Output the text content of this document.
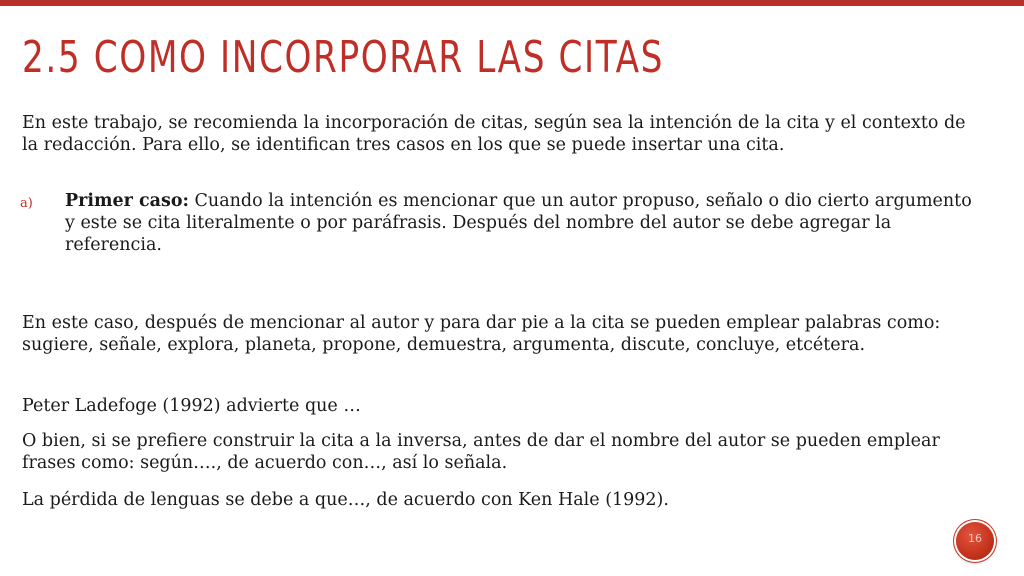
2.5 COMO INCORPORAR LAS CITAS

En este trabajo, se recomienda la incorporación de citas, según sea la intención de la cita y el contexto de la redacción. Para ello, se identifican tres casos en los que se puede insertar una cita.

a) Primer caso: Cuando la intención es mencionar que un autor propuso, señalo o dio cierto argumento y este se cita literalmente o por paráfrasis. Después del nombre del autor se debe agregar la referencia.

En este caso, después de mencionar al autor y para dar pie a la cita se pueden emplear palabras como: sugiere, señale, explora, planeta, propone, demuestra, argumenta, discute, concluye, etcétera.

Peter Ladefoge (1992) advierte que …

O bien, si se prefiere construir la cita a la inversa, antes de dar el nombre del autor se pueden emplear frases como: según…., de acuerdo con…, así lo señala.

La pérdida de lenguas se debe a que…, de acuerdo con Ken Hale (1992).

16
